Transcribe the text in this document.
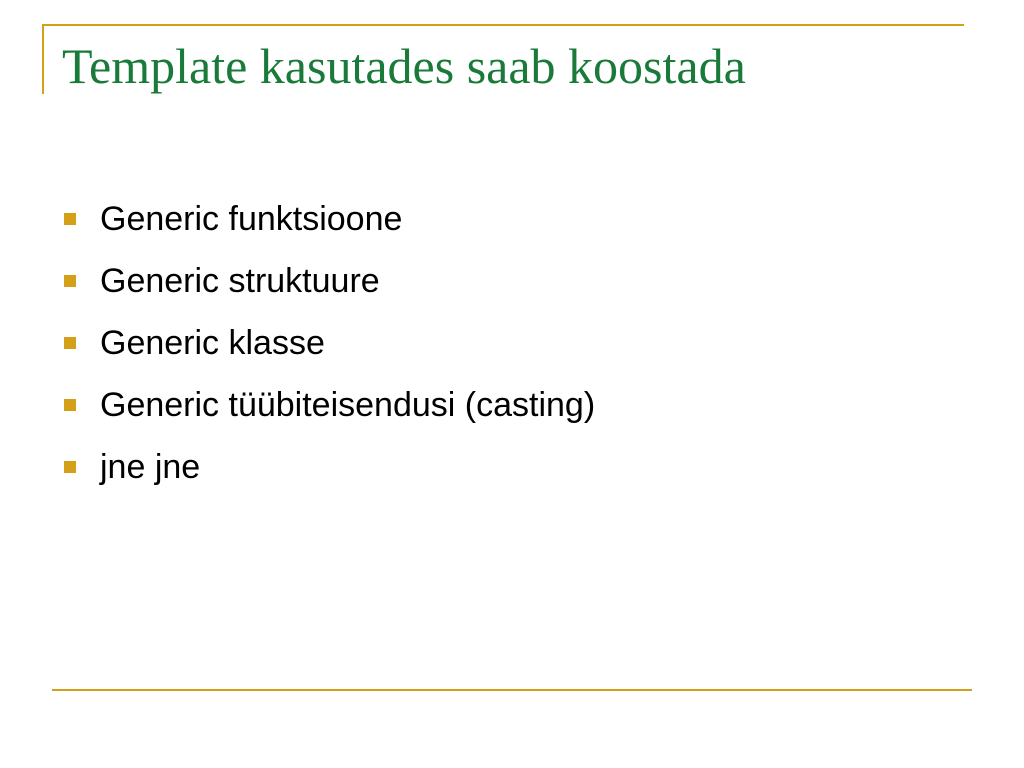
Template kasutades saab koostada
Generic funktsioone
Generic struktuure
Generic klasse
Generic tüübiteisendusi (casting)
jne jne
